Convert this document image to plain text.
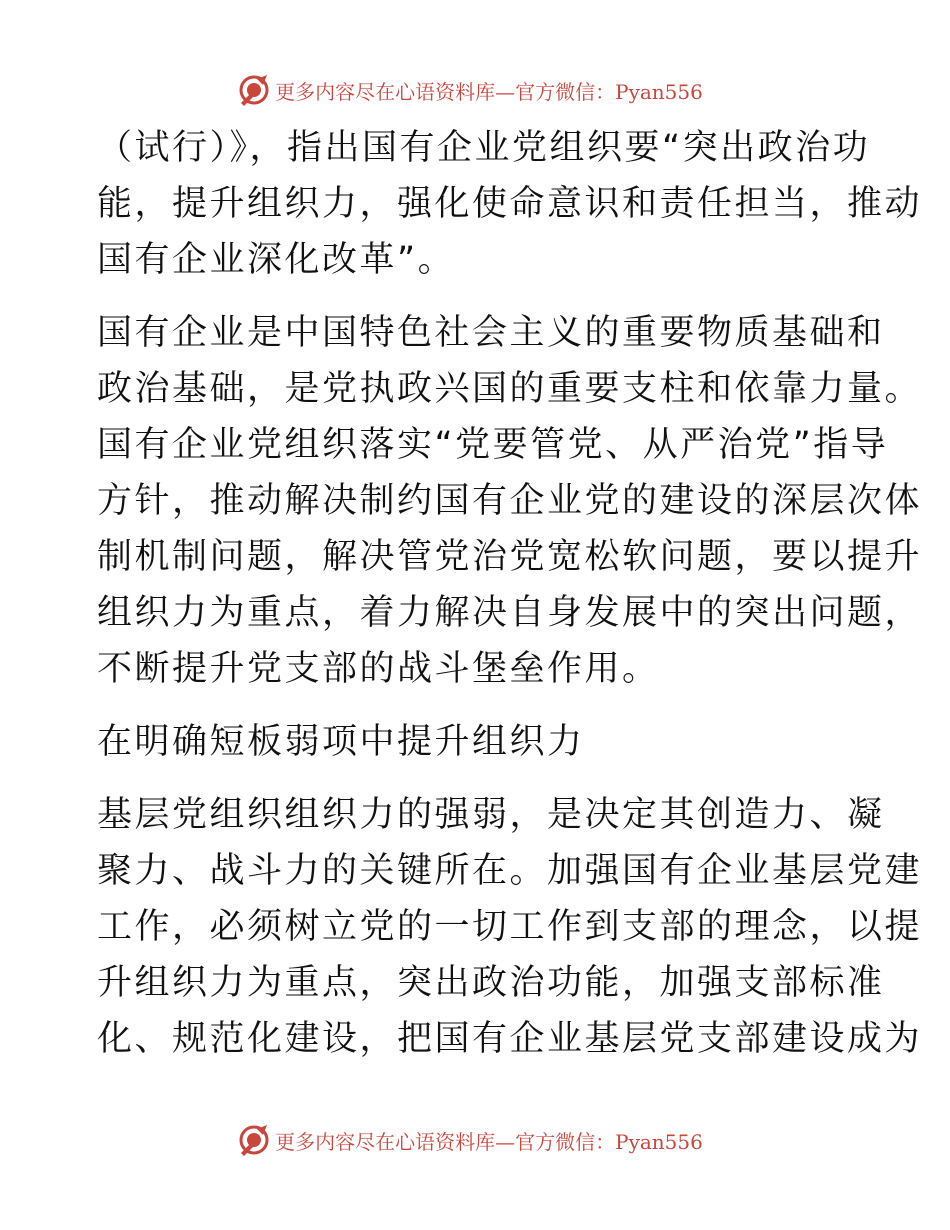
更多内容尽在心语资料库—官方微信：Pyan556
（试行）》，指出国有企业党组织要“突出政治功
能，提升组织力，强化使命意识和责任担当，推动
国有企业深化改革”。
国有企业是中国特色社会主义的重要物质基础和
政治基础，是党执政兴国的重要支柱和依靠力量。
国有企业党组织落实“党要管党、从严治党”指导
方针，推动解决制约国有企业党的建设的深层次体
制机制问题，解决管党治党宽松软问题，要以提升
组织力为重点，着力解决自身发展中的突出问题，
不断提升党支部的战斗堡垒作用。
在明确短板弱项中提升组织力
基层党组织组织力的强弱，是决定其创造力、凝
聚力、战斗力的关键所在。加强国有企业基层党建
工作，必须树立党的一切工作到支部的理念，以提
升组织力为重点，突出政治功能，加强支部标准
化、规范化建设，把国有企业基层党支部建设成为
更多内容尽在心语资料库—官方微信：Pyan556
